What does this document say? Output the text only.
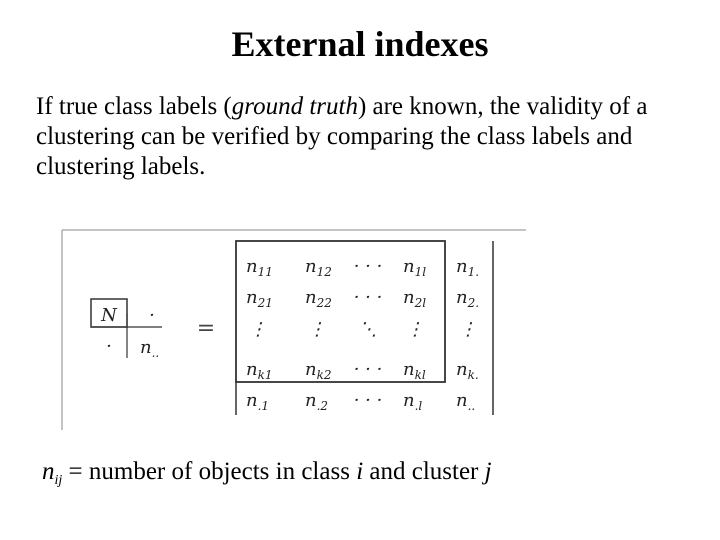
External indexes
If true class labels (ground truth) are known, the validity of a clustering can be verified by comparing the class labels and clustering labels.
N ·
· $n_{..}$
=
$n_{11}$ $n_{12}$ · · · $n_{1l}$ $n_{1.}$
$n_{21}$ $n_{22}$ · · · $n_{2l}$ $n_{2.}$
⋮ ⋮ ⋱ ⋮ ⋮
$n_{k1}$ $n_{k2}$ · · · $n_{kl}$ $n_{k.}$
$n_{.1}$ $n_{.2}$ · · · $n_{.l}$ $n_{..}$
$n_{ij}$ = number of objects in class i and cluster j
